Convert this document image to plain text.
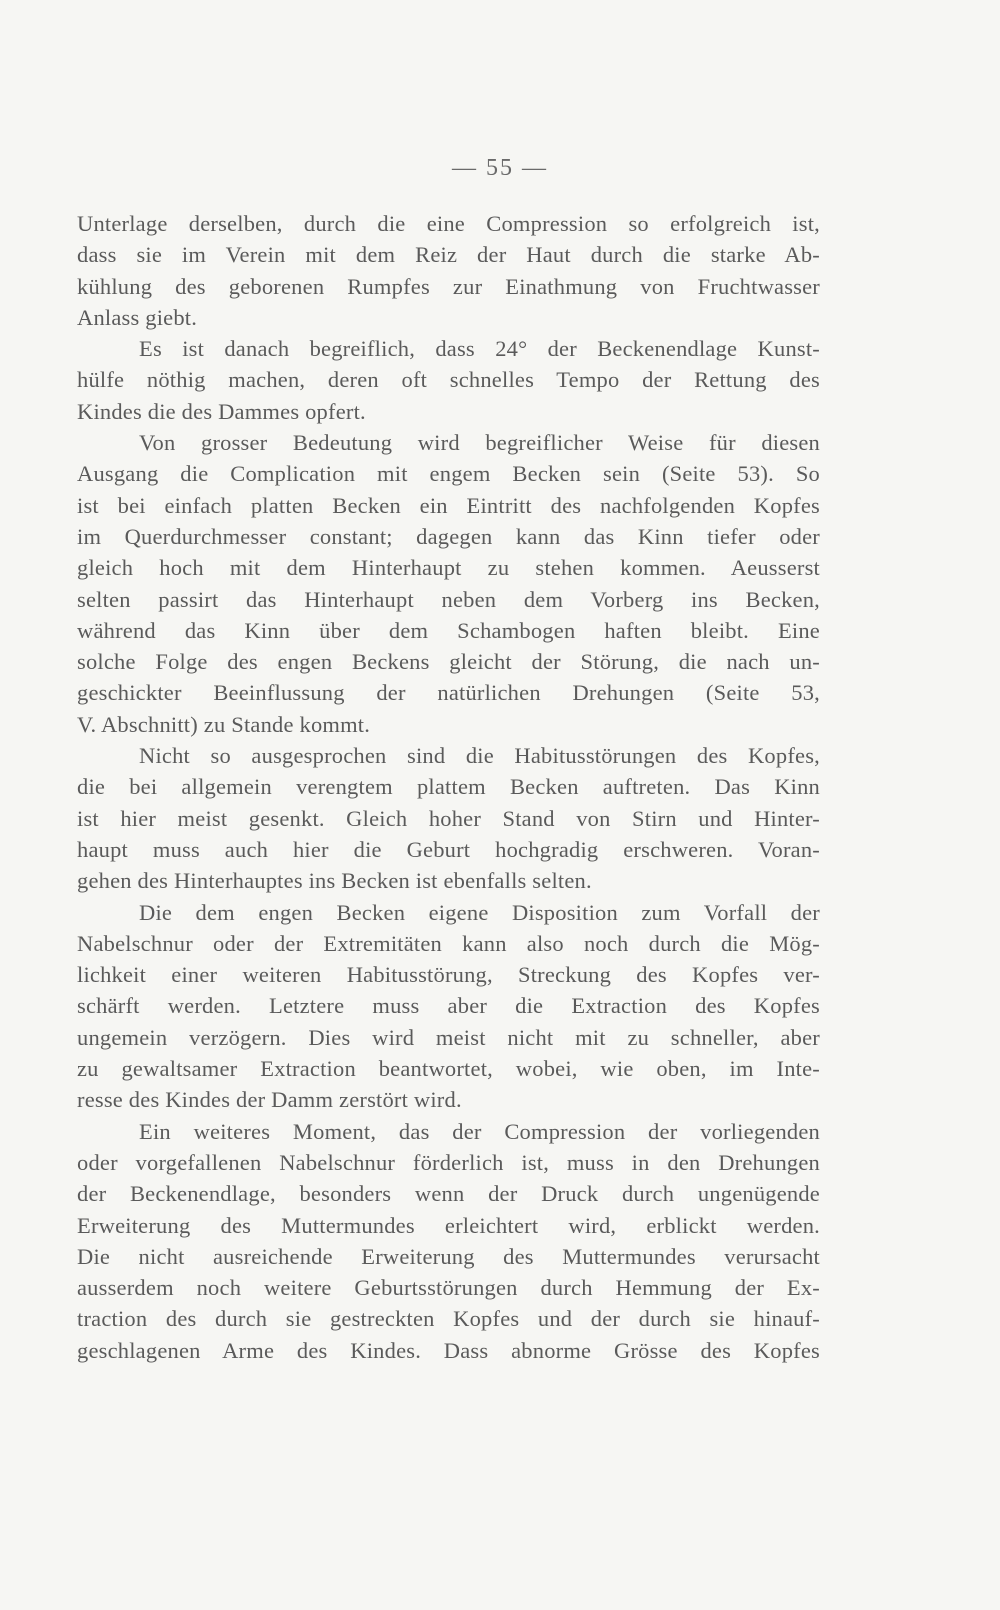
— 55 —
Unterlage derselben, durch die eine Compression so erfolgreich ist,
dass sie im Verein mit dem Reiz der Haut durch die starke Ab-
kühlung des geborenen Rumpfes zur Einathmung von Fruchtwasser
Anlass giebt.
Es ist danach begreiflich, dass 24° der Beckenendlage Kunst-
hülfe nöthig machen, deren oft schnelles Tempo der Rettung des
Kindes die des Dammes opfert.
Von grosser Bedeutung wird begreiflicher Weise für diesen
Ausgang die Complication mit engem Becken sein (Seite 53). So
ist bei einfach platten Becken ein Eintritt des nachfolgenden Kopfes
im Querdurchmesser constant; dagegen kann das Kinn tiefer oder
gleich hoch mit dem Hinterhaupt zu stehen kommen. Aeusserst
selten passirt das Hinterhaupt neben dem Vorberg ins Becken,
während das Kinn über dem Schambogen haften bleibt. Eine
solche Folge des engen Beckens gleicht der Störung, die nach un-
geschickter Beeinflussung der natürlichen Drehungen (Seite 53,
V. Abschnitt) zu Stande kommt.
Nicht so ausgesprochen sind die Habitusstörungen des Kopfes,
die bei allgemein verengtem plattem Becken auftreten. Das Kinn
ist hier meist gesenkt. Gleich hoher Stand von Stirn und Hinter-
haupt muss auch hier die Geburt hochgradig erschweren. Voran-
gehen des Hinterhauptes ins Becken ist ebenfalls selten.
Die dem engen Becken eigene Disposition zum Vorfall der
Nabelschnur oder der Extremitäten kann also noch durch die Mög-
lichkeit einer weiteren Habitusstörung, Streckung des Kopfes ver-
schärft werden. Letztere muss aber die Extraction des Kopfes
ungemein verzögern. Dies wird meist nicht mit zu schneller, aber
zu gewaltsamer Extraction beantwortet, wobei, wie oben, im Inte-
resse des Kindes der Damm zerstört wird.
Ein weiteres Moment, das der Compression der vorliegenden
oder vorgefallenen Nabelschnur förderlich ist, muss in den Drehungen
der Beckenendlage, besonders wenn der Druck durch ungenügende
Erweiterung des Muttermundes erleichtert wird, erblickt werden.
Die nicht ausreichende Erweiterung des Muttermundes verursacht
ausserdem noch weitere Geburtsstörungen durch Hemmung der Ex-
traction des durch sie gestreckten Kopfes und der durch sie hinauf-
geschlagenen Arme des Kindes. Dass abnorme Grösse des Kopfes
